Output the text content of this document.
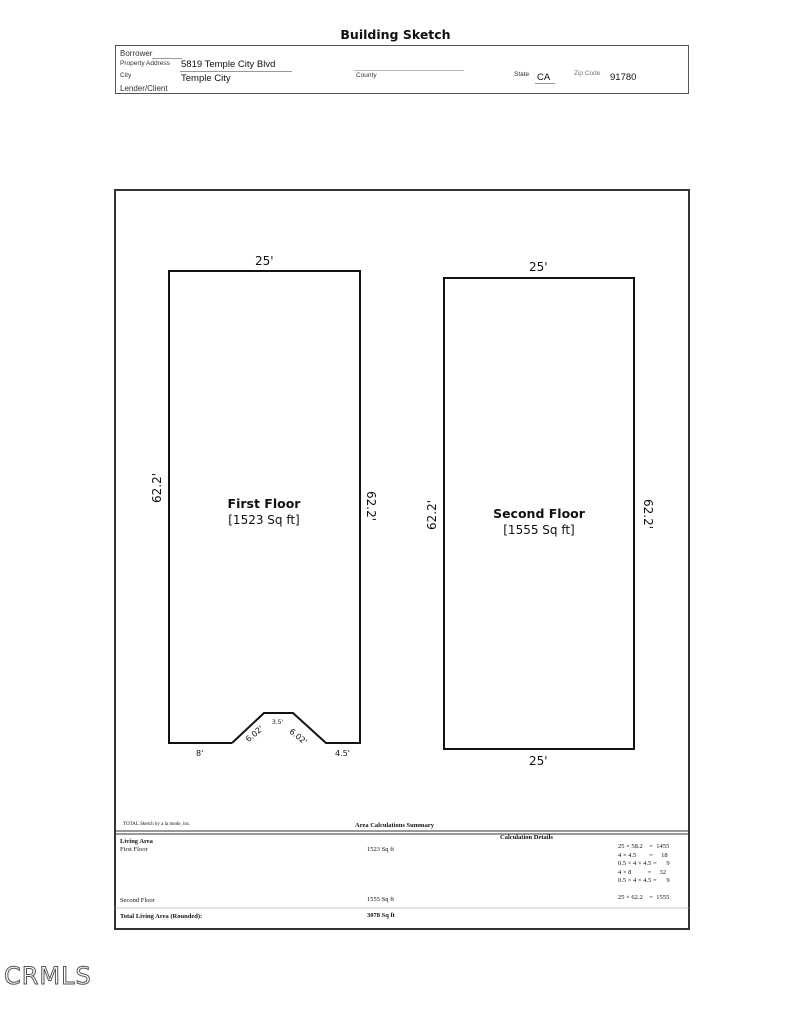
Building Sketch
Borrower
Property Address 5819 Temple City Blvd
City	Temple City	County	State CA	Zip Code 91780
Lender/Client
25'
62.2'
62.2'
First Floor
[1523 Sq ft]
8'	4.5'
6.02'	6.02'
3.5'
25'
62.2'	62.2'
Second Floor
[1555 Sq ft]
25'
TOTAL Sketch by a la mode, inc.	Area Calculations Summary
Living Area
Calculation Details
First Floor	1523 Sq ft	25 × 58.2    =  1455
4 × 4.5        =     18
0.5 × 4 × 4.5 =      9
4 × 8          =     32
0.5 × 4 × 4.5 =      9
Second Floor	1555 Sq ft	25 × 62.2    =  1555
Total Living Area (Rounded):	3078 Sq ft
CRMLS
